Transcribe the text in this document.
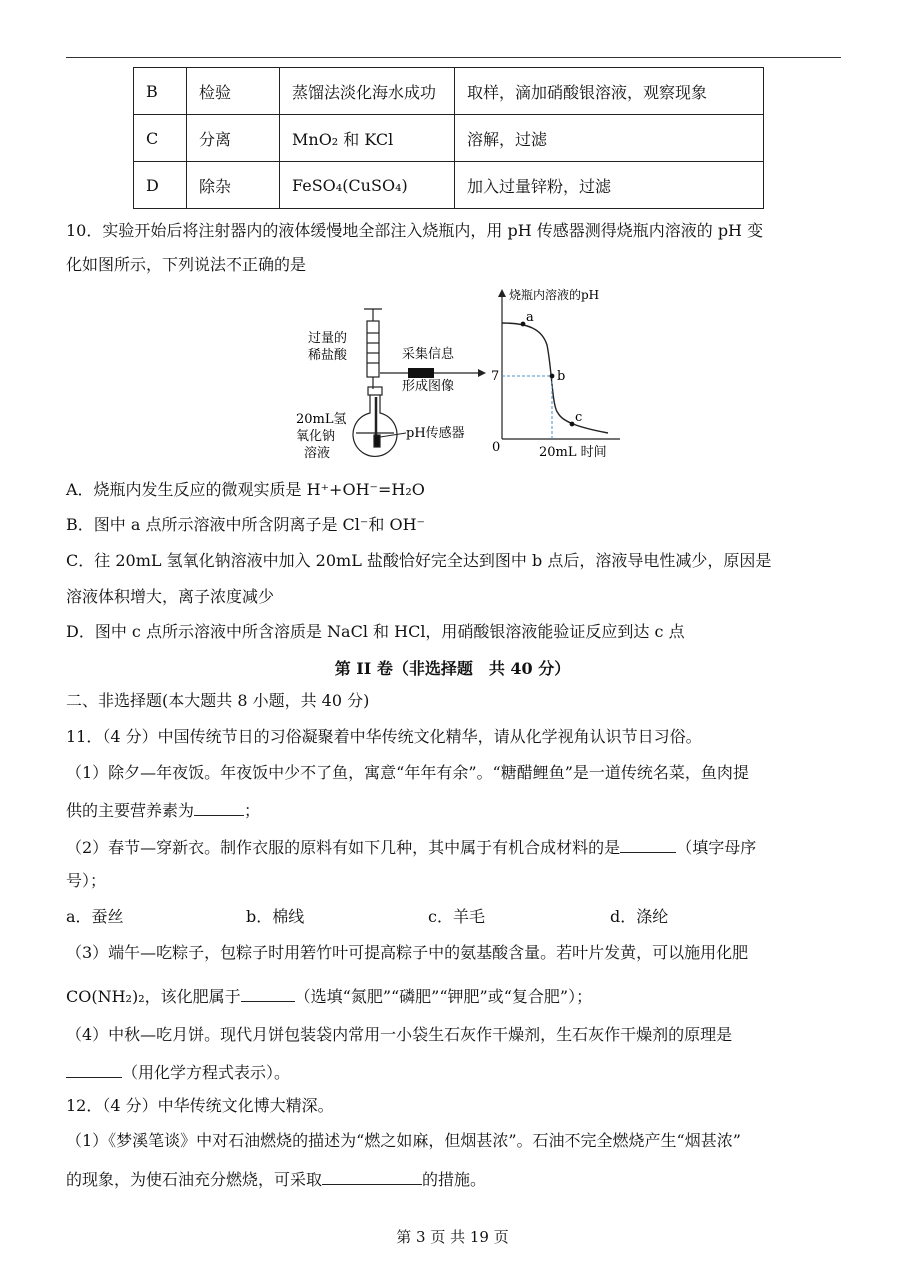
B	检验	蒸馏法淡化海水成功	取样，滴加硝酸银溶液，观察现象
C	分离	MnO₂ 和 KCl	溶解，过滤
D	除杂	FeSO₄(CuSO₄)	加入过量锌粉，过滤
10．实验开始后将注射器内的液体缓慢地全部注入烧瓶内，用 pH 传感器测得烧瓶内溶液的 pH 变
化如图所示，下列说法不正确的是
过量的
稀盐酸	采集信息
形成图像
20mL氢
氧化钠
溶液
pH传感器
烧瓶内溶液的pH
7
0	20mL 时间
a
b
c
A．烧瓶内发生反应的微观实质是 H⁺+OH⁻=H₂O
B．图中 a 点所示溶液中所含阴离子是 Cl⁻和 OH⁻
C．往 20mL 氢氧化钠溶液中加入 20mL 盐酸恰好完全达到图中 b 点后，溶液导电性减少，原因是
溶液体积增大，离子浓度减少
D．图中 c 点所示溶液中所含溶质是 NaCl 和 HCl，用硝酸银溶液能验证反应到达 c 点
第 II 卷（非选择题　共 40 分）
二、非选择题(本大题共 8 小题，共 40 分)
11．（4 分）中国传统节日的习俗凝聚着中华传统文化精华，请从化学视角认识节日习俗。
（1）除夕—年夜饭。年夜饭中少不了鱼，寓意“年年有余”。“糖醋鲤鱼”是一道传统名菜，鱼肉提
供的主要营养素为	；
（2）春节—穿新衣。制作衣服的原料有如下几种，其中属于有机合成材料的是	（填字母序
号）；
a．蚕丝	b．棉线	c．羊毛	d．涤纶
（3）端午—吃粽子，包粽子时用箬竹叶可提高粽子中的氨基酸含量。若叶片发黄，可以施用化肥
CO(NH₂)₂，该化肥属于	（选填“氮肥”“磷肥”“钾肥”或“复合肥”）；
（4）中秋—吃月饼。现代月饼包装袋内常用一小袋生石灰作干燥剂，生石灰作干燥剂的原理是
（用化学方程式表示）。
12．（4 分）中华传统文化博大精深。
（1）《梦溪笔谈》中对石油燃烧的描述为“燃之如麻，但烟甚浓”。石油不完全燃烧产生“烟甚浓”
的现象，为使石油充分燃烧，可采取	的措施。
第 3 页 共 19 页
